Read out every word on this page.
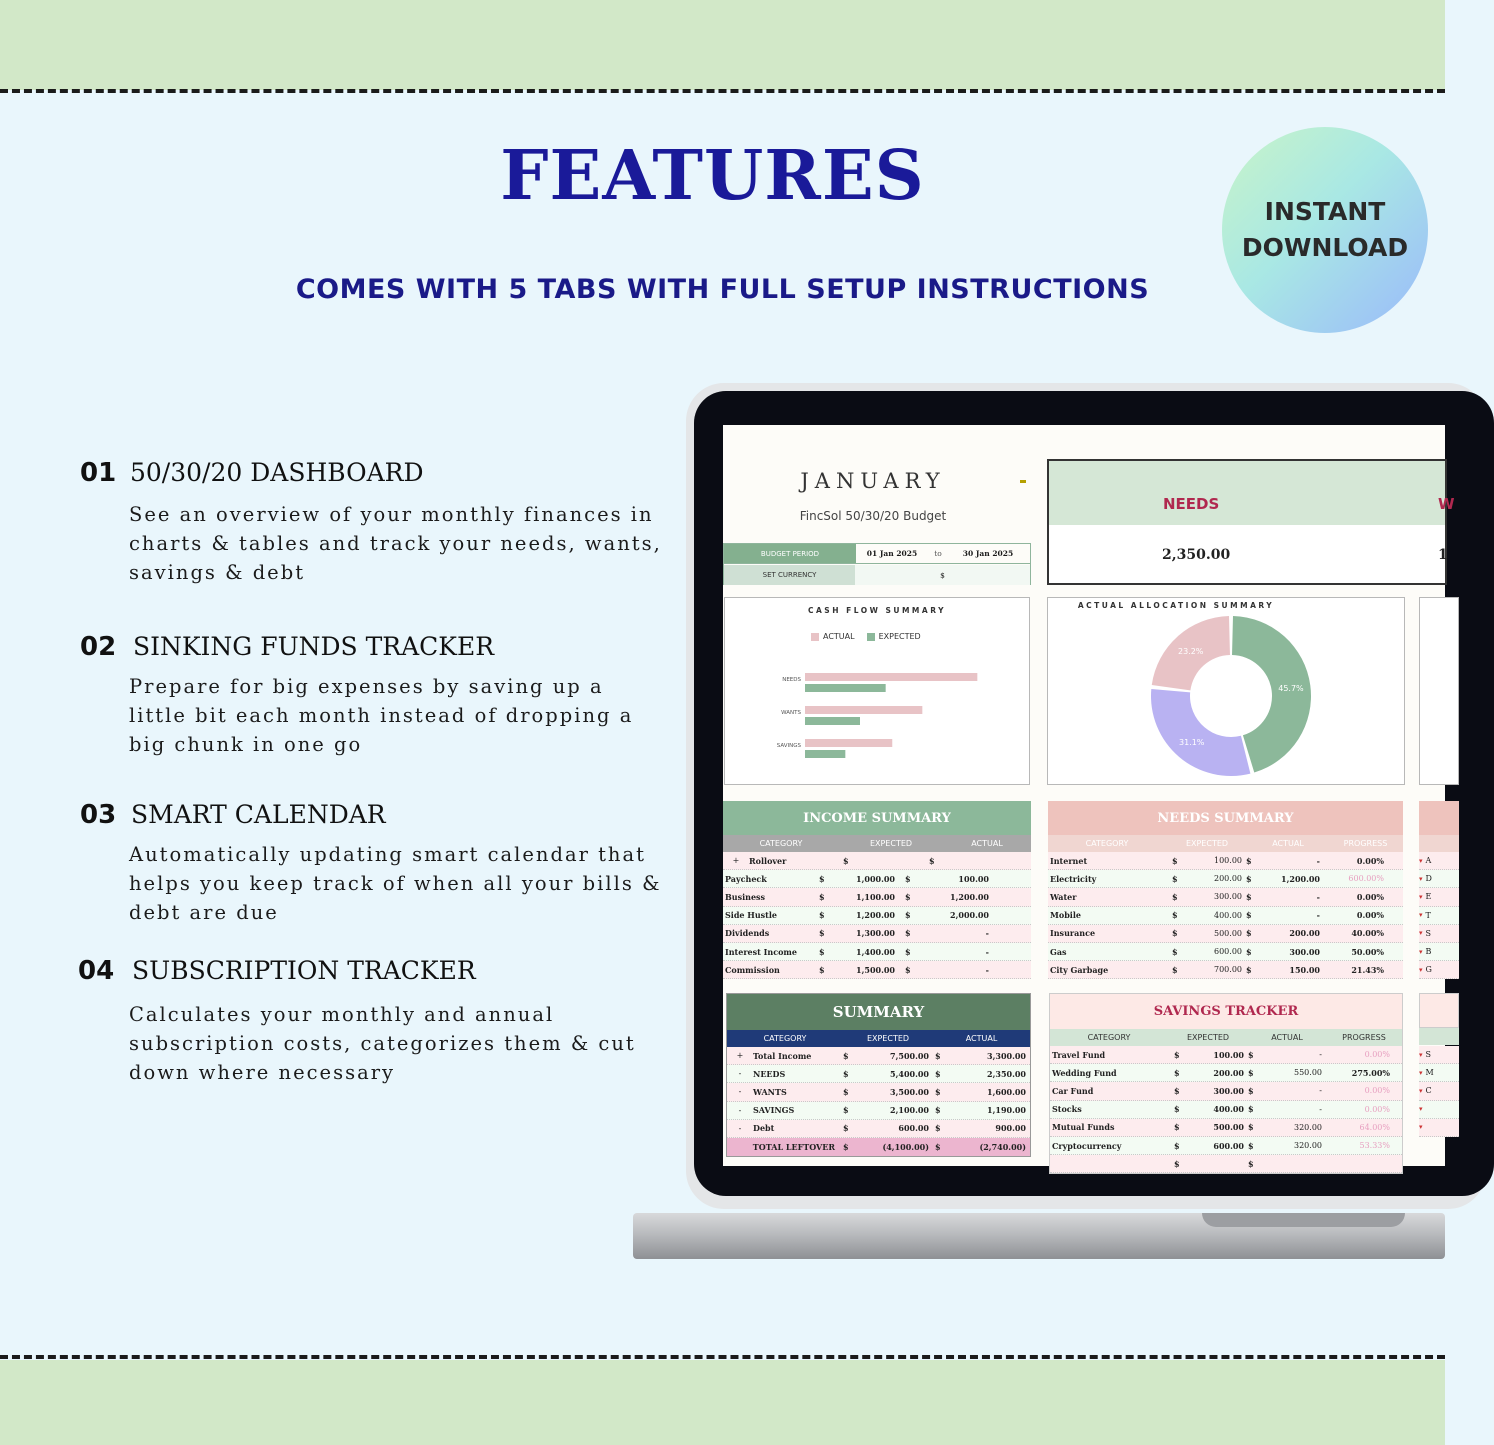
FEATURES
COMES WITH 5 TABS WITH FULL SETUP INSTRUCTIONS
INSTANT
DOWNLOAD
01 50/30/20 DASHBOARD
See an overview of your monthly finances in charts & tables and track your needs, wants, savings & debt
02 SINKING FUNDS TRACKER
Prepare for big expenses by saving up a little bit each month instead of dropping a big chunk in one go
03 SMART CALENDAR
Automatically updating smart calendar that helps you keep track of when all your bills & debt are due
04 SUBSCRIPTION TRACKER
Calculates your monthly and annual subscription costs, categorizes them & cut down where necessary
JANUARY
FincSol 50/30/20 Budget
BUDGET PERIOD	01 Jan 2025	to	30 Jan 2025
SET CURRENCY	$
NEEDS	W
2,350.00	1
CASH FLOW SUMMARY
ACTUAL	EXPECTED
NEEDS
WANTS
SAVINGS
ACTUAL ALLOCATION SUMMARY
45.7%
31.1%
23.2%
INCOME SUMMARY
CATEGORY	EXPECTED	ACTUAL
+	Rollover	$	$
Paycheck	$	1,000.00	$	100.00
Business	$	1,100.00	$	1,200.00
Side Hustle	$	1,200.00	$	2,000.00
Dividends	$	1,300.00	$	-
Interest Income	$	1,400.00	$	-
Commission	$	1,500.00	$	-
NEEDS SUMMARY
CATEGORY	EXPECTED	ACTUAL	PROGRESS
Internet	$	100.00 $	-	0.00%
Electricity	$	200.00 $	1,200.00	600.00%
Water	$	300.00 $	-	0.00%
Mobile	$	400.00 $	-	0.00%
Insurance	$	500.00 $	200.00	40.00%
Gas	$	600.00 $	300.00	50.00%
City Garbage	$	700.00 $	150.00	21.43%
▾ A
▾ D
▾ E
▾ T
▾ S
▾ B
▾ G
SUMMARY
CATEGORY	EXPECTED	ACTUAL
+	Total Income	$	7,500.00 $	3,300.00
-	NEEDS	$	5,400.00 $	2,350.00
-	WANTS	$	3,500.00 $	1,600.00
-	SAVINGS	$	2,100.00 $	1,190.00
-	Debt	$	600.00 $	900.00
TOTAL LEFTOVER	$	(4,100.00) $	(2,740.00)
SAVINGS TRACKER
CATEGORY	EXPECTED	ACTUAL	PROGRESS
Travel Fund	$	100.00 $	-	0.00%
Wedding Fund	$	200.00 $	550.00	275.00%
Car Fund	$	300.00 $	-	0.00%
Stocks	$	400.00 $	-	0.00%
Mutual Funds	$	500.00 $	320.00	64.00%
Cryptocurrency	$	600.00 $	320.00	53.33%
$	$
▾ S
▾ M
▾ C
▾
▾
